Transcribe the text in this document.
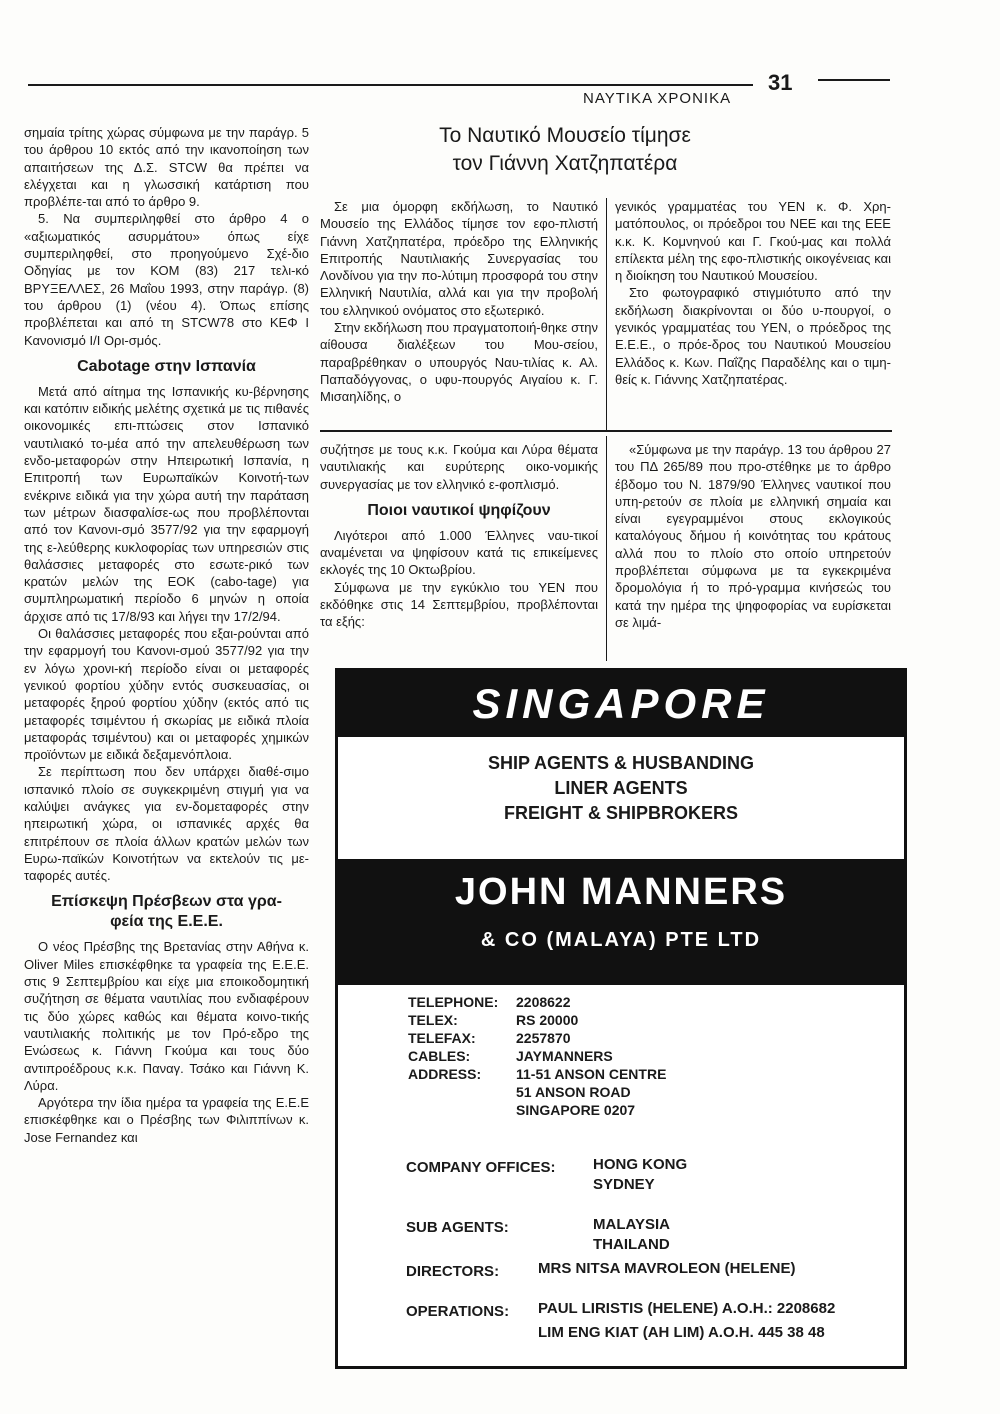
ΝΑΥΤΙΚΑ ΧΡΟΝΙΚΑ
31

σημαία τρίτης χώρας σύμφωνα με την παράγρ. 5 του άρθρου 10 εκτός από την ικανοποίηση των απαιτήσεων της Δ.Σ. STCW θα πρέπει να ελέγχεται και η γλωσσική κατάρτιση που προβλέπε-ται από το άρθρο 9.

5. Να συμπεριληφθεί στο άρθρο 4 ο «αξιωματικός ασυρμάτου» όπως είχε συμπεριληφθεί, στο προηγούμενο Σχέ-διο Οδηγίας με τον ΚΟΜ (83) 217 τελι-κό ΒΡΥΞΕΛΛΕΣ, 26 Μαΐου 1993, στην παράγρ. (8) του άρθρου (1) (νέου 4). Όπως επίσης προβλέπεται και από τη STCW78 στο ΚΕΦ Ι Κανονισμό Ι/Ι Ορι-σμός.

Cabotage στην Ισπανία

Μετά από αίτημα της Ισπανικής κυ-βέρνησης και κατόπιν ειδικής μελέτης σχετικά με τις πιθανές οικονομικές επι-πτώσεις στον Ισπανικό ναυτιλιακό το-μέα από την απελευθέρωση των ενδο-μεταφορών στην Ηπειρωτική Ισπανία, η Επιτροπή των Ευρωπαϊκών Κοινοτή-των ενέκρινε ειδικά για την χώρα αυτή την παράταση των μέτρων διασφαλίσε-ως που προβλέπονται από τον Κανονι-σμό 3577/92 για την εφαρμογή της ε-λεύθερης κυκλοφορίας των υπηρεσιών στις θαλάσσιες μεταφορές στο εσωτε-ρικό των κρατών μελών της ΕΟΚ (cabo-tage) για συμπληρωματική περίοδο 6 μηνών η οποία άρχισε από τις 17/8/93 και λήγει την 17/2/94.

Οι θαλάσσιες μεταφορές που εξαι-ρούνται από την εφαρμογή του Κανονι-σμού 3577/92 για την εν λόγω χρονι-κή περίοδο είναι οι μεταφορές γενικού φορτίου χύδην εντός συσκευασίας, οι μεταφορές ξηρού φορτίου χύδην (εκτός από τις μεταφορές τσιμέντου ή σκωρίας με ειδικά πλοία μεταφοράς τσιμέντου) και οι μεταφορές χημικών προϊόντων με ειδικά δεξαμενόπλοια.

Σε περίπτωση που δεν υπάρχει διαθέ-σιμο ισπανικό πλοίο σε συγκεκριμένη στιγμή για να καλύψει ανάγκες για εν-δομεταφορές στην ηπειρωτική χώρα, οι ισπανικές αρχές θα επιτρέπουν σε πλοία άλλων κρατών μελών των Ευρω-παϊκών Κοινοτήτων να εκτελούν τις με-ταφορές αυτές.

Επίσκεψη Πρέσβεων στα γρα-
φεία της Ε.Ε.Ε.

Ο νέος Πρέσβης της Βρετανίας στην Αθήνα κ. Oliver Miles επισκέφθηκε τα γραφεία της Ε.Ε.Ε. στις 9 Σεπτεμβρίου και είχε μια εποικοδομητική συζήτηση σε θέματα ναυτιλίας που ενδιαφέρουν τις δύο χώρες καθώς και θέματα κοινο-τικής ναυτιλιακής πολιτικής με τον Πρό-εδρο της Ενώσεως κ. Γιάννη Γκούμα και τους δύο αντιπροέδρους κ.κ. Παναγ. Τσάκο και Γιάννη Κ. Λύρα.

Αργότερα την ίδια ημέρα τα γραφεία της Ε.Ε.Ε επισκέφθηκε και ο Πρέσβης των Φιλιππίνων κ. Jose Fernandez και

Το Ναυτικό Μουσείο τίμησε
τον Γιάννη Χατζηπατέρα

Σε μια όμορφη εκδήλωση, το Ναυτικό Μουσείο της Ελλάδος τίμησε τον εφο-πλιστή Γιάννη Χατζηπατέρα, πρόεδρο της Ελληνικής Επιτροπής Ναυτιλιακής Συνεργασίας του Λονδίνου για την πο-λύτιμη προσφορά του στην Ελληνική Ναυτιλία, αλλά και για την προβολή του ελληνικού ονόματος στο εξωτερικό.

Στην εκδήλωση που πραγματοποιή-θηκε στην αίθουσα διαλέξεων του Μου-σείου, παραβρέθηκαν ο υπουργός Ναυ-τιλίας κ. Αλ. Παπαδόγγονας, ο υφυ-πουργός Αιγαίου κ. Γ. Μισαηλίδης, ο

γενικός γραμματέας του ΥΕΝ κ. Φ. Χρη-ματόπουλος, οι πρόεδροι του ΝΕΕ και της ΕΕΕ κ.κ. Κ. Κομνηνού και Γ. Γκού-μας και πολλά επίλεκτα μέλη της εφο-πλιστικής οικογένειας και η διοίκηση του Ναυτικού Μουσείου.

Στο φωτογραφικό στιγμιότυπο από την εκδήλωση διακρίνονται οι δύο υ-πουργοί, ο γενικός γραμματέας του ΥΕΝ, ο πρόεδρος της Ε.Ε.Ε., ο πρόε-δρος του Ναυτικού Μουσείου Ελλάδος κ. Κων. Παΐζης Παραδέλης και ο τιμη-θείς κ. Γιάννης Χατζηπατέρας.

συζήτησε με τους κ.κ. Γκούμα και Λύρα θέματα ναυτιλιακής και ευρύτερης οικο-νομικής συνεργασίας με τον ελληνικό ε-φοπλισμό.

Ποιοι ναυτικοί ψηφίζουν

Λιγότεροι από 1.000 Έλληνες ναυ-τικοί αναμένεται να ψηφίσουν κατά τις επικείμενες εκλογές της 10 Οκτωβρίου.

Σύμφωνα με την εγκύκλιο του ΥΕΝ που εκδόθηκε στις 14 Σεπτεμβρίου, προβλέπονται τα εξής:

«Σύμφωνα με την παράγρ. 13 του άρθρου 27 του ΠΔ 265/89 που προ-στέθηκε με το άρθρο έβδομο του Ν. 1879/90 Έλληνες ναυτικοί που υπη-ρετούν σε πλοία με ελληνική σημαία και είναι εγεγραμμένοι στους εκλογικούς καταλόγους δήμου ή κοινότητας του κράτους αλλά που το πλοίο στο οποίο υπηρετούν προβλέπεται σύμφωνα με τα εγκεκριμένα δρομολόγια ή το πρό-γραμμα κινήσεώς του κατά την ημέρα της ψηφοφορίας να ευρίσκεται σε λιμά-

SINGAPORE
SHIP AGENTS & HUSBANDING
LINER AGENTS
FREIGHT & SHIPBROKERS
JOHN MANNERS
& CO (MALAYA) PTE LTD
TELEPHONE: 2208622
TELEX:	RS 20000
TELEFAX:	2257870
CABLES:	JAYMANNERS
ADDRESS: 11-51 ANSON CENTRE
51 ANSON ROAD
SINGAPORE 0207
COMPANY OFFICES:	HONG KONG
SYDNEY
SUB AGENTS:	MALAYSIA
THAILAND
DIRECTORS:	MRS NITSA MAVROLEON (HELENE)
OPERATIONS: PAUL LIRISTIS (HELENE) A.O.H.: 2208682
LIM ENG KIAT (AH LIM) A.O.H. 445 38 48
